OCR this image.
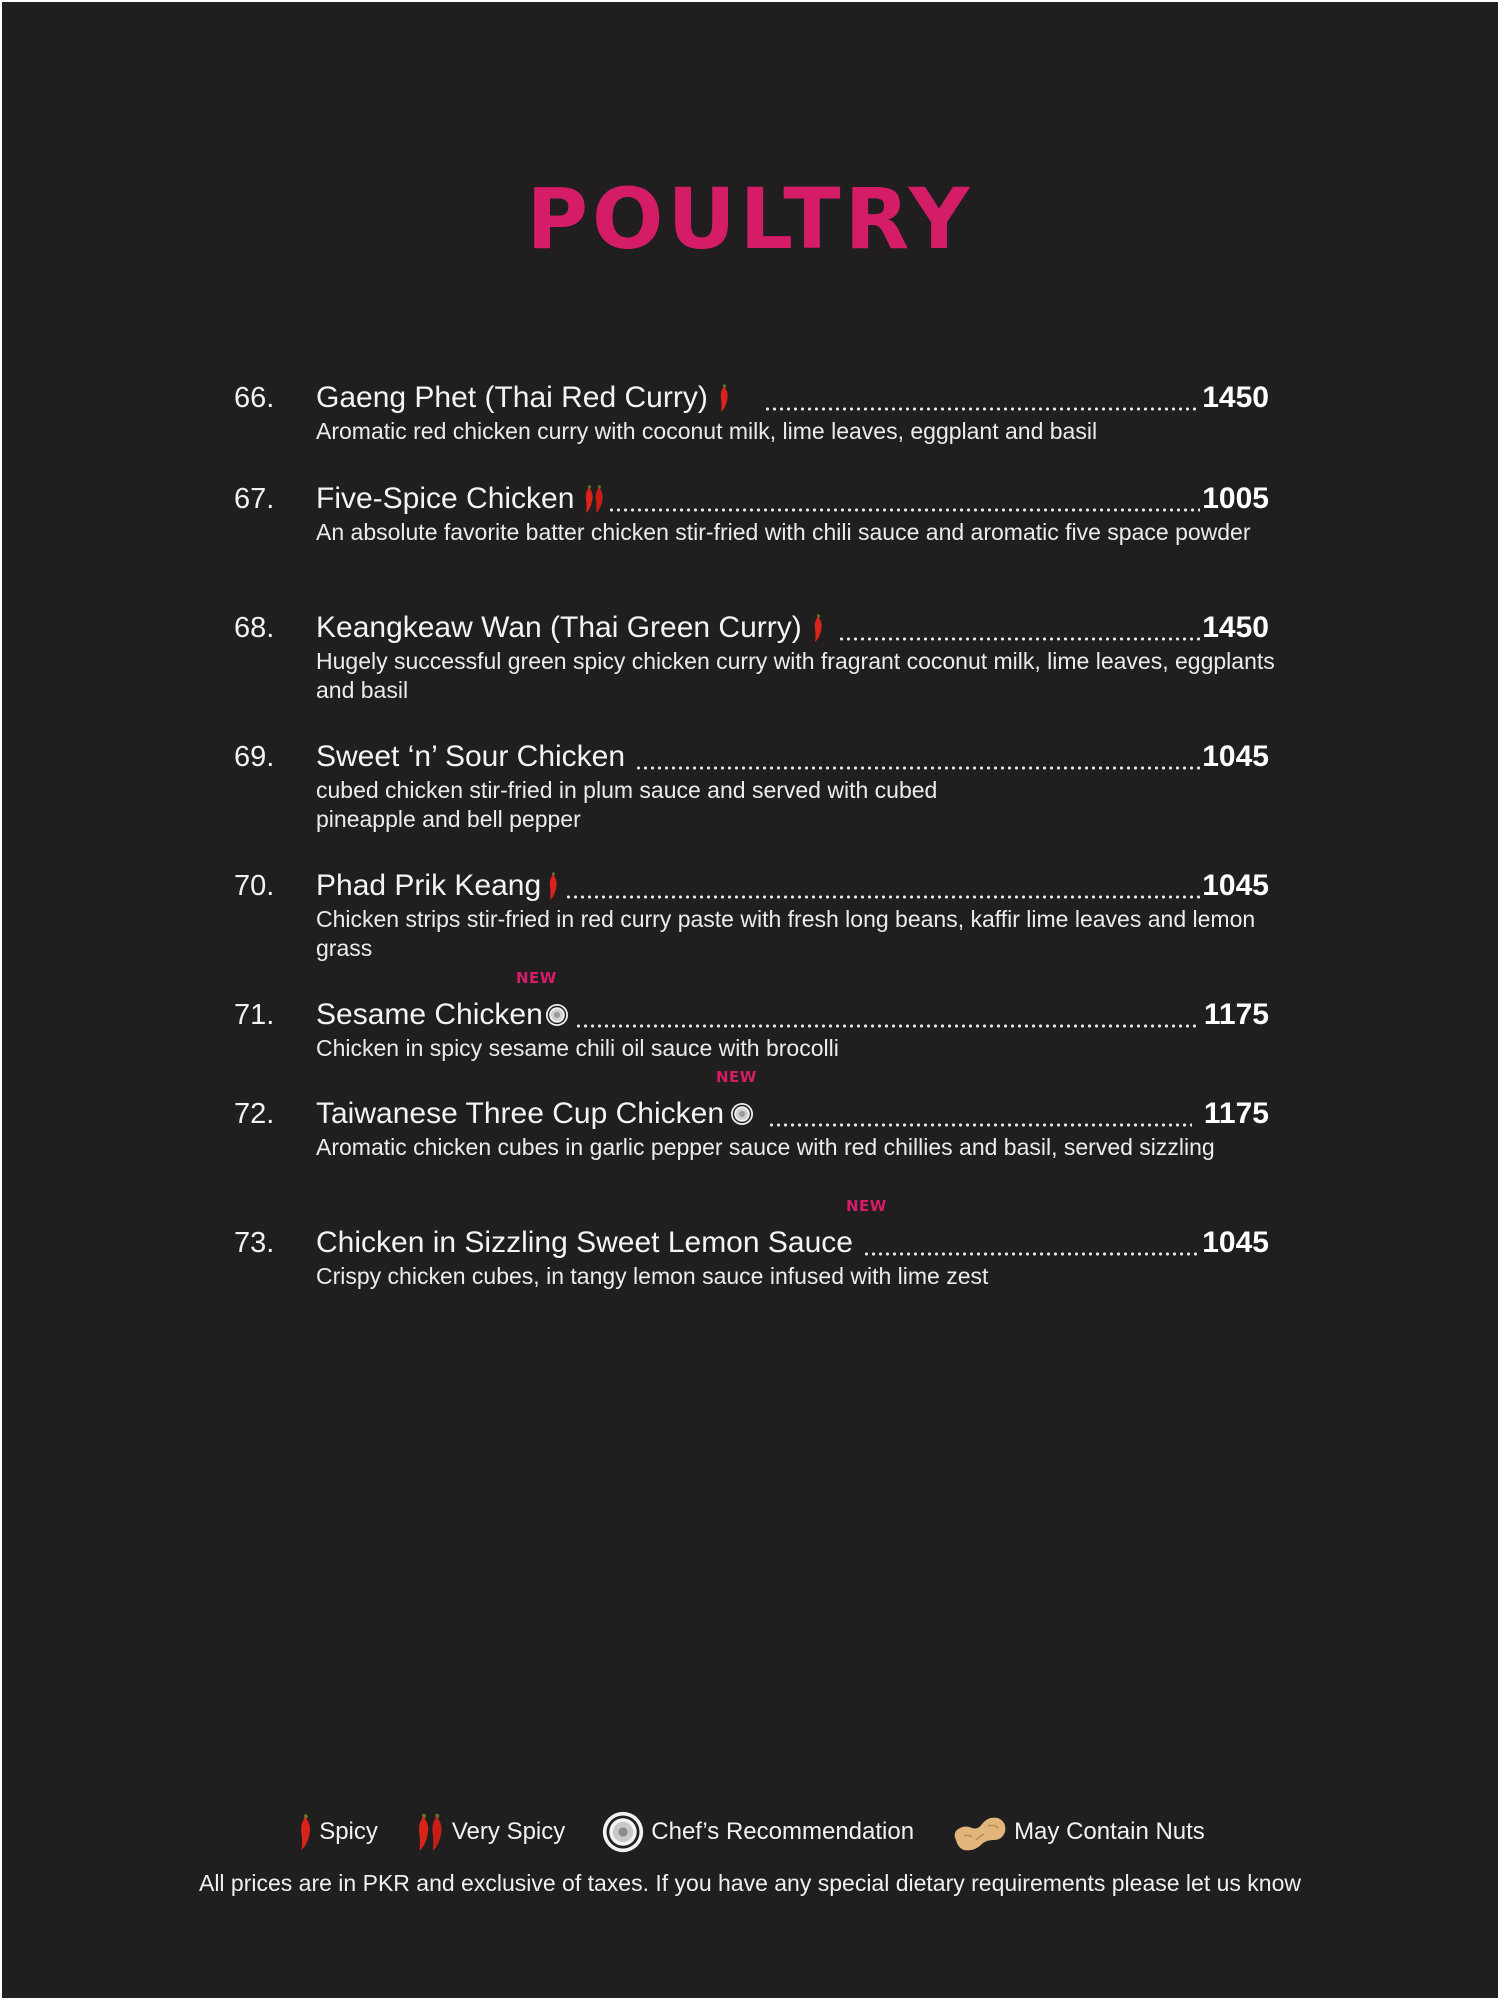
POULTRY
66. Gaeng Phet (Thai Red Curry)	1450

Aromatic red chicken curry with coconut milk, lime leaves, eggplant and basil

67. Five-Spice Chicken	1005

An absolute favorite batter chicken stir-fried with chili sauce and aromatic five space powder

68. Keangkeaw Wan (Thai Green Curry)	1450

Hugely successful green spicy chicken curry with fragrant coconut milk, lime leaves, eggplants and basil

69. Sweet ‘n’ Sour Chicken	1045

cubed chicken stir-fried in plum sauce and served with cubed pineapple and bell pepper

70. Phad Prik Keang	1045

Chicken strips stir-fried in red curry paste with fresh long beans, kaffir lime leaves and lemon grass

NEW
71. Sesame Chicken	1175

Chicken in spicy sesame chili oil sauce with brocolli

NEW
72. Taiwanese Three Cup Chicken	1175

Aromatic chicken cubes in garlic pepper sauce with red chillies and basil, served sizzling

NEW
73. Chicken in Sizzling Sweet Lemon Sauce	1045

Crispy chicken cubes, in tangy lemon sauce infused with lime zest

Spicy	Very Spicy	Chef’s Recommendation	May Contain Nuts
All prices are in PKR and exclusive of taxes. If you have any special dietary requirements please let us know
